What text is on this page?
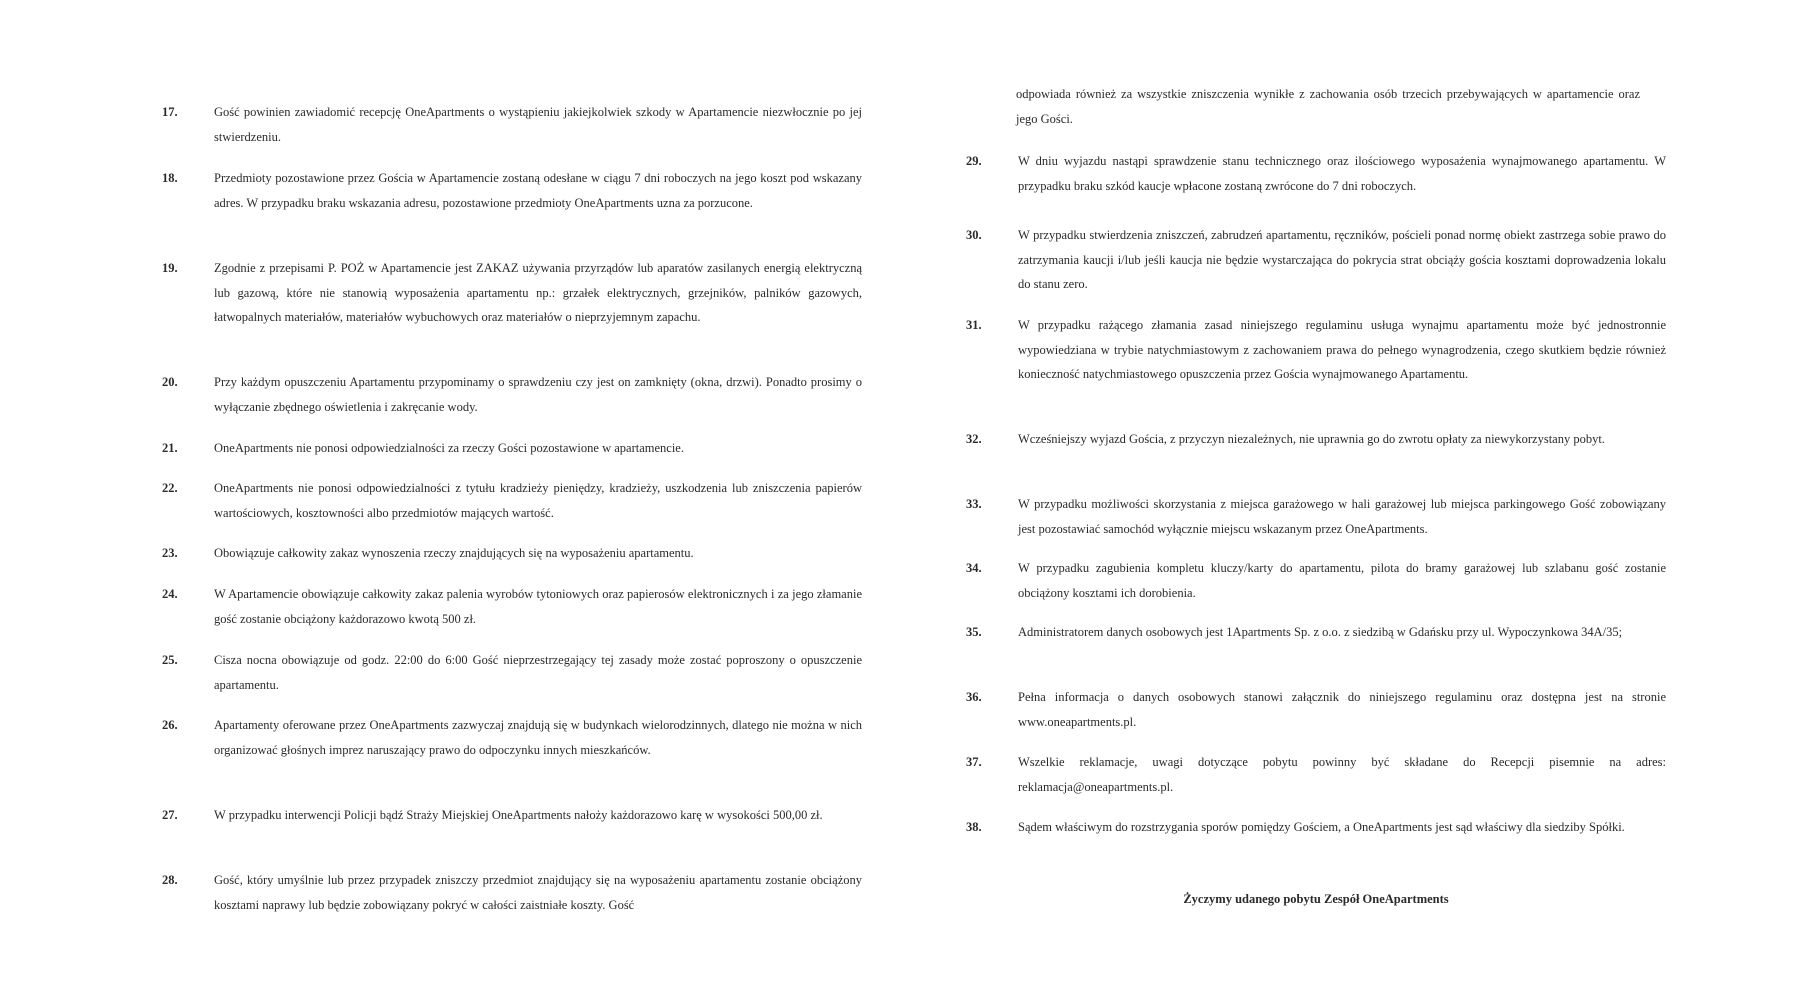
17.	Gość powinien zawiadomić recepcję OneApartments o wystąpieniu jakiejkolwiek szkody w Apartamencie niezwłocznie po jej stwierdzeniu.

18.	Przedmioty pozostawione przez Gościa w Apartamencie zostaną odesłane w ciągu 7 dni roboczych na jego koszt pod wskazany adres. W przypadku braku wskazania adresu, pozostawione przedmioty OneApartments uzna za porzucone.

19.	Zgodnie z przepisami P. POŻ w Apartamencie jest ZAKAZ używania przyrządów lub aparatów zasilanych energią elektryczną lub gazową, które nie stanowią wyposażenia apartamentu np.: grzałek elektrycznych, grzejników, palników gazowych, łatwopalnych materiałów, materiałów wybuchowych oraz materiałów o nieprzyjemnym zapachu.

20.	Przy każdym opuszczeniu Apartamentu przypominamy o sprawdzeniu czy jest on zamknięty (okna, drzwi). Ponadto prosimy o wyłączanie zbędnego oświetlenia i zakręcanie wody.

21.	OneApartments nie ponosi odpowiedzialności za rzeczy Gości pozostawione w apartamencie.

22.	OneApartments nie ponosi odpowiedzialności z tytułu kradzieży pieniędzy, kradzieży, uszkodzenia lub zniszczenia papierów wartościowych, kosztowności albo przedmiotów mających wartość.

23.	Obowiązuje całkowity zakaz wynoszenia rzeczy znajdujących się na wyposażeniu apartamentu.

24.	W Apartamencie obowiązuje całkowity zakaz palenia wyrobów tytoniowych oraz papierosów elektronicznych i za jego złamanie gość zostanie obciążony każdorazowo kwotą 500 zł.

25.	Cisza nocna obowiązuje od godz. 22:00 do 6:00 Gość nieprzestrzegający tej zasady może zostać poproszony o opuszczenie apartamentu.

26.	Apartamenty oferowane przez OneApartments zazwyczaj znajdują się w budynkach wielorodzinnych, dlatego nie można w nich organizować głośnych imprez naruszający prawo do odpoczynku innych mieszkańców.

27.	W przypadku interwencji Policji bądź Straży Miejskiej OneApartments nałoży każdorazowo karę w wysokości 500,00 zł.

28.	Gość, który umyślnie lub przez przypadek zniszczy przedmiot znajdujący się na wyposażeniu apartamentu zostanie obciążony kosztami naprawy lub będzie zobowiązany pokryć w całości zaistniałe koszty. Gość

odpowiada również za wszystkie zniszczenia wynikłe z zachowania osób trzecich przebywających w apartamencie oraz jego Gości.

29.	W dniu wyjazdu nastąpi sprawdzenie stanu technicznego oraz ilościowego wyposażenia wynajmowanego apartamentu. W przypadku braku szkód kaucje wpłacone zostaną zwrócone do 7 dni roboczych.

30.	W przypadku stwierdzenia zniszczeń, zabrudzeń apartamentu, ręczników, pościeli ponad normę obiekt zastrzega sobie prawo do zatrzymania kaucji i/lub jeśli kaucja nie będzie wystarczająca do pokrycia strat obciąży gościa kosztami doprowadzenia lokalu do stanu zero.

31.	W przypadku rażącego złamania zasad niniejszego regulaminu usługa wynajmu apartamentu może być jednostronnie wypowiedziana w trybie natychmiastowym z zachowaniem prawa do pełnego wynagrodzenia, czego skutkiem będzie również konieczność natychmiastowego opuszczenia przez Gościa wynajmowanego Apartamentu.

32.	Wcześniejszy wyjazd Gościa, z przyczyn niezależnych, nie uprawnia go do zwrotu opłaty za niewykorzystany pobyt.

33.	W przypadku możliwości skorzystania z miejsca garażowego w hali garażowej lub miejsca parkingowego Gość zobowiązany jest pozostawiać samochód wyłącznie miejscu wskazanym przez OneApartments.

34.	W przypadku zagubienia kompletu kluczy/karty do apartamentu, pilota do bramy garażowej lub szlabanu gość zostanie obciążony kosztami ich dorobienia.

35.	Administratorem danych osobowych jest 1Apartments Sp. z o.o. z siedzibą w Gdańsku przy ul. Wypoczynkowa 34A/35;

36.	Pełna informacja o danych osobowych stanowi załącznik do niniejszego regulaminu oraz dostępna jest na stronie www.oneapartments.pl.

37.	Wszelkie reklamacje, uwagi dotyczące pobytu powinny być składane do Recepcji pisemnie na adres: reklamacja@oneapartments.pl.

38.	Sądem właściwym do rozstrzygania sporów pomiędzy Gościem, a OneApartments jest sąd właściwy dla siedziby Spółki.

Życzymy udanego pobytu Zespół OneApartments
